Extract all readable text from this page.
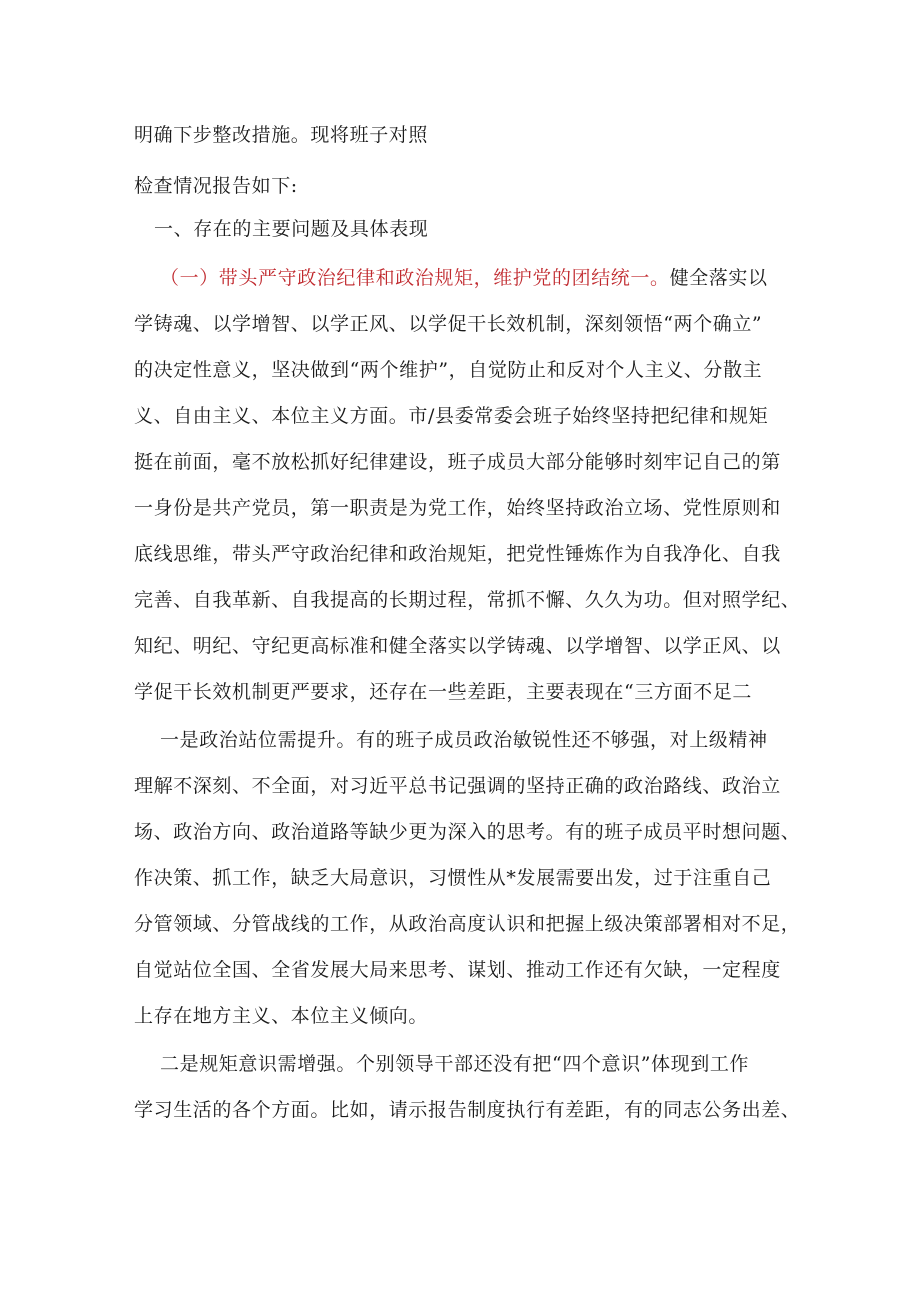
明确下步整改措施。现将班子对照
检查情况报告如下:
一、存在的主要问题及具体表现
（一）带头严守政治纪律和政治规矩，维护党的团结统一。健全落实以
学铸魂、以学增智、以学正风、以学促干长效机制，深刻领悟“两个确立”
的决定性意义，坚决做到“两个维护”，自觉防止和反对个人主义、分散主
义、自由主义、本位主义方面。市/县委常委会班子始终坚持把纪律和规矩
挺在前面，毫不放松抓好纪律建设，班子成员大部分能够时刻牢记自己的第
一身份是共产党员，第一职责是为党工作，始终坚持政治立场、党性原则和
底线思维，带头严守政治纪律和政治规矩，把党性锤炼作为自我净化、自我
完善、自我革新、自我提高的长期过程，常抓不懈、久久为功。但对照学纪、
知纪、明纪、守纪更高标准和健全落实以学铸魂、以学增智、以学正风、以
学促干长效机制更严要求，还存在一些差距，主要表现在“三方面不足二
一是政治站位需提升。有的班子成员政治敏锐性还不够强，对上级精神
理解不深刻、不全面，对习近平总书记强调的坚持正确的政治路线、政治立
场、政治方向、政治道路等缺少更为深入的思考。有的班子成员平时想问题、
作决策、抓工作，缺乏大局意识，习惯性从*发展需要出发，过于注重自己
分管领域、分管战线的工作，从政治高度认识和把握上级决策部署相对不足，
自觉站位全国、全省发展大局来思考、谋划、推动工作还有欠缺，一定程度
上存在地方主义、本位主义倾向。
二是规矩意识需增强。个别领导干部还没有把“四个意识”体现到工作
学习生活的各个方面。比如，请示报告制度执行有差距，有的同志公务出差、
